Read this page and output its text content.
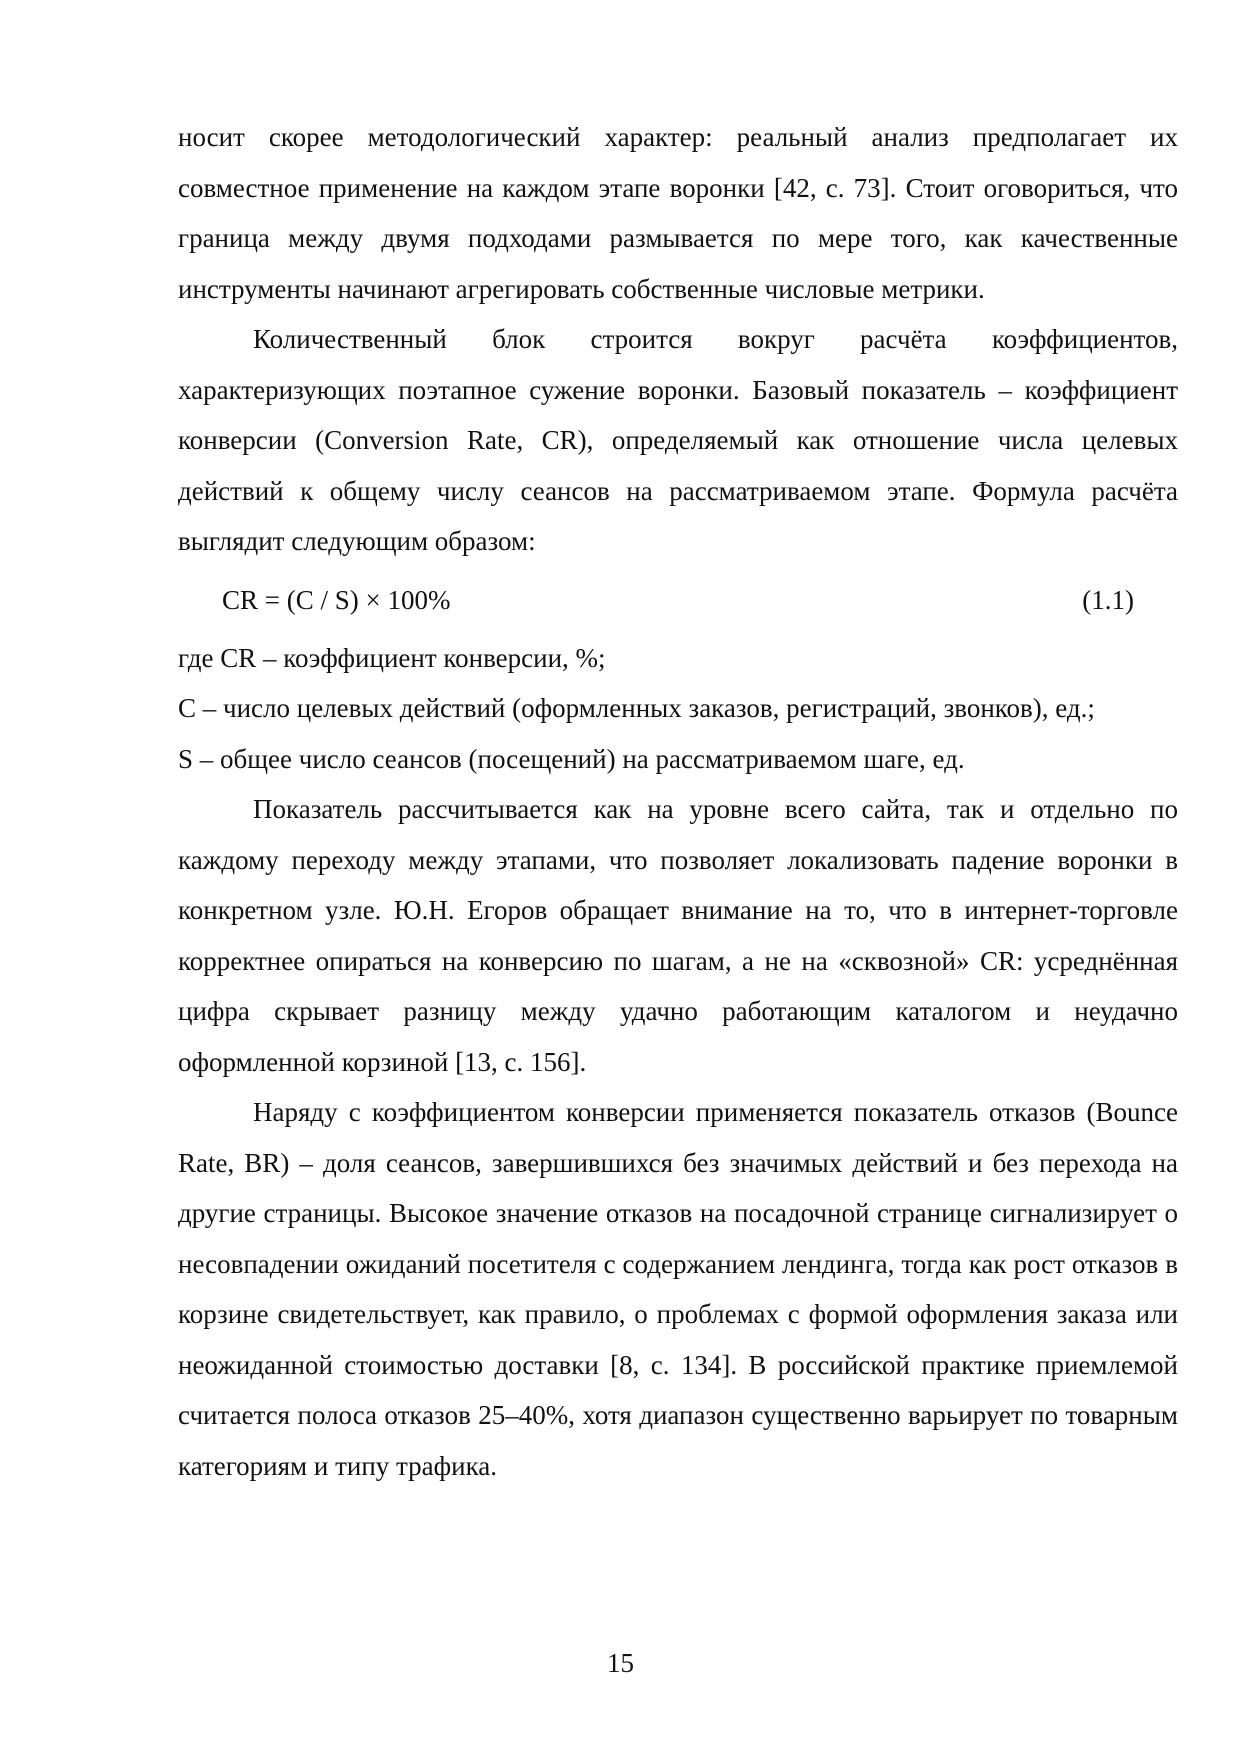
носит скорее методологический характер: реальный анализ предполагает их совместное применение на каждом этапе воронки [42, с. 73]. Стоит оговориться, что граница между двумя подходами размывается по мере того, как качественные инструменты начинают агрегировать собственные числовые метрики.

Количественный блок строится вокруг расчёта коэффициентов, характеризующих поэтапное сужение воронки. Базовый показатель – коэффициент конверсии (Conversion Rate, CR), определяемый как отношение числа целевых действий к общему числу сеансов на рассматриваемом этапе. Формула расчёта выглядит следующим образом:

CR = (C / S) × 100%	(1.1)
где CR – коэффициент конверсии, %;
C – число целевых действий (оформленных заказов, регистраций, звонков), ед.;
S – общее число сеансов (посещений) на рассматриваемом шаге, ед.

Показатель рассчитывается как на уровне всего сайта, так и отдельно по каждому переходу между этапами, что позволяет локализовать падение воронки в конкретном узле. Ю.Н. Егоров обращает внимание на то, что в интернет-торговле корректнее опираться на конверсию по шагам, а не на «сквозной» CR: усреднённая цифра скрывает разницу между удачно работающим каталогом и неудачно оформленной корзиной [13, с. 156].

Наряду с коэффициентом конверсии применяется показатель отказов (Bounce Rate, BR) – доля сеансов, завершившихся без значимых действий и без перехода на другие страницы. Высокое значение отказов на посадочной странице сигнализирует о несовпадении ожиданий посетителя с содержанием лендинга, тогда как рост отказов в корзине свидетельствует, как правило, о проблемах с формой оформления заказа или неожиданной стоимостью доставки [8, с. 134]. В российской практике приемлемой считается полоса отказов 25–40%, хотя диапазон существенно варьирует по товарным категориям и типу трафика.

15
